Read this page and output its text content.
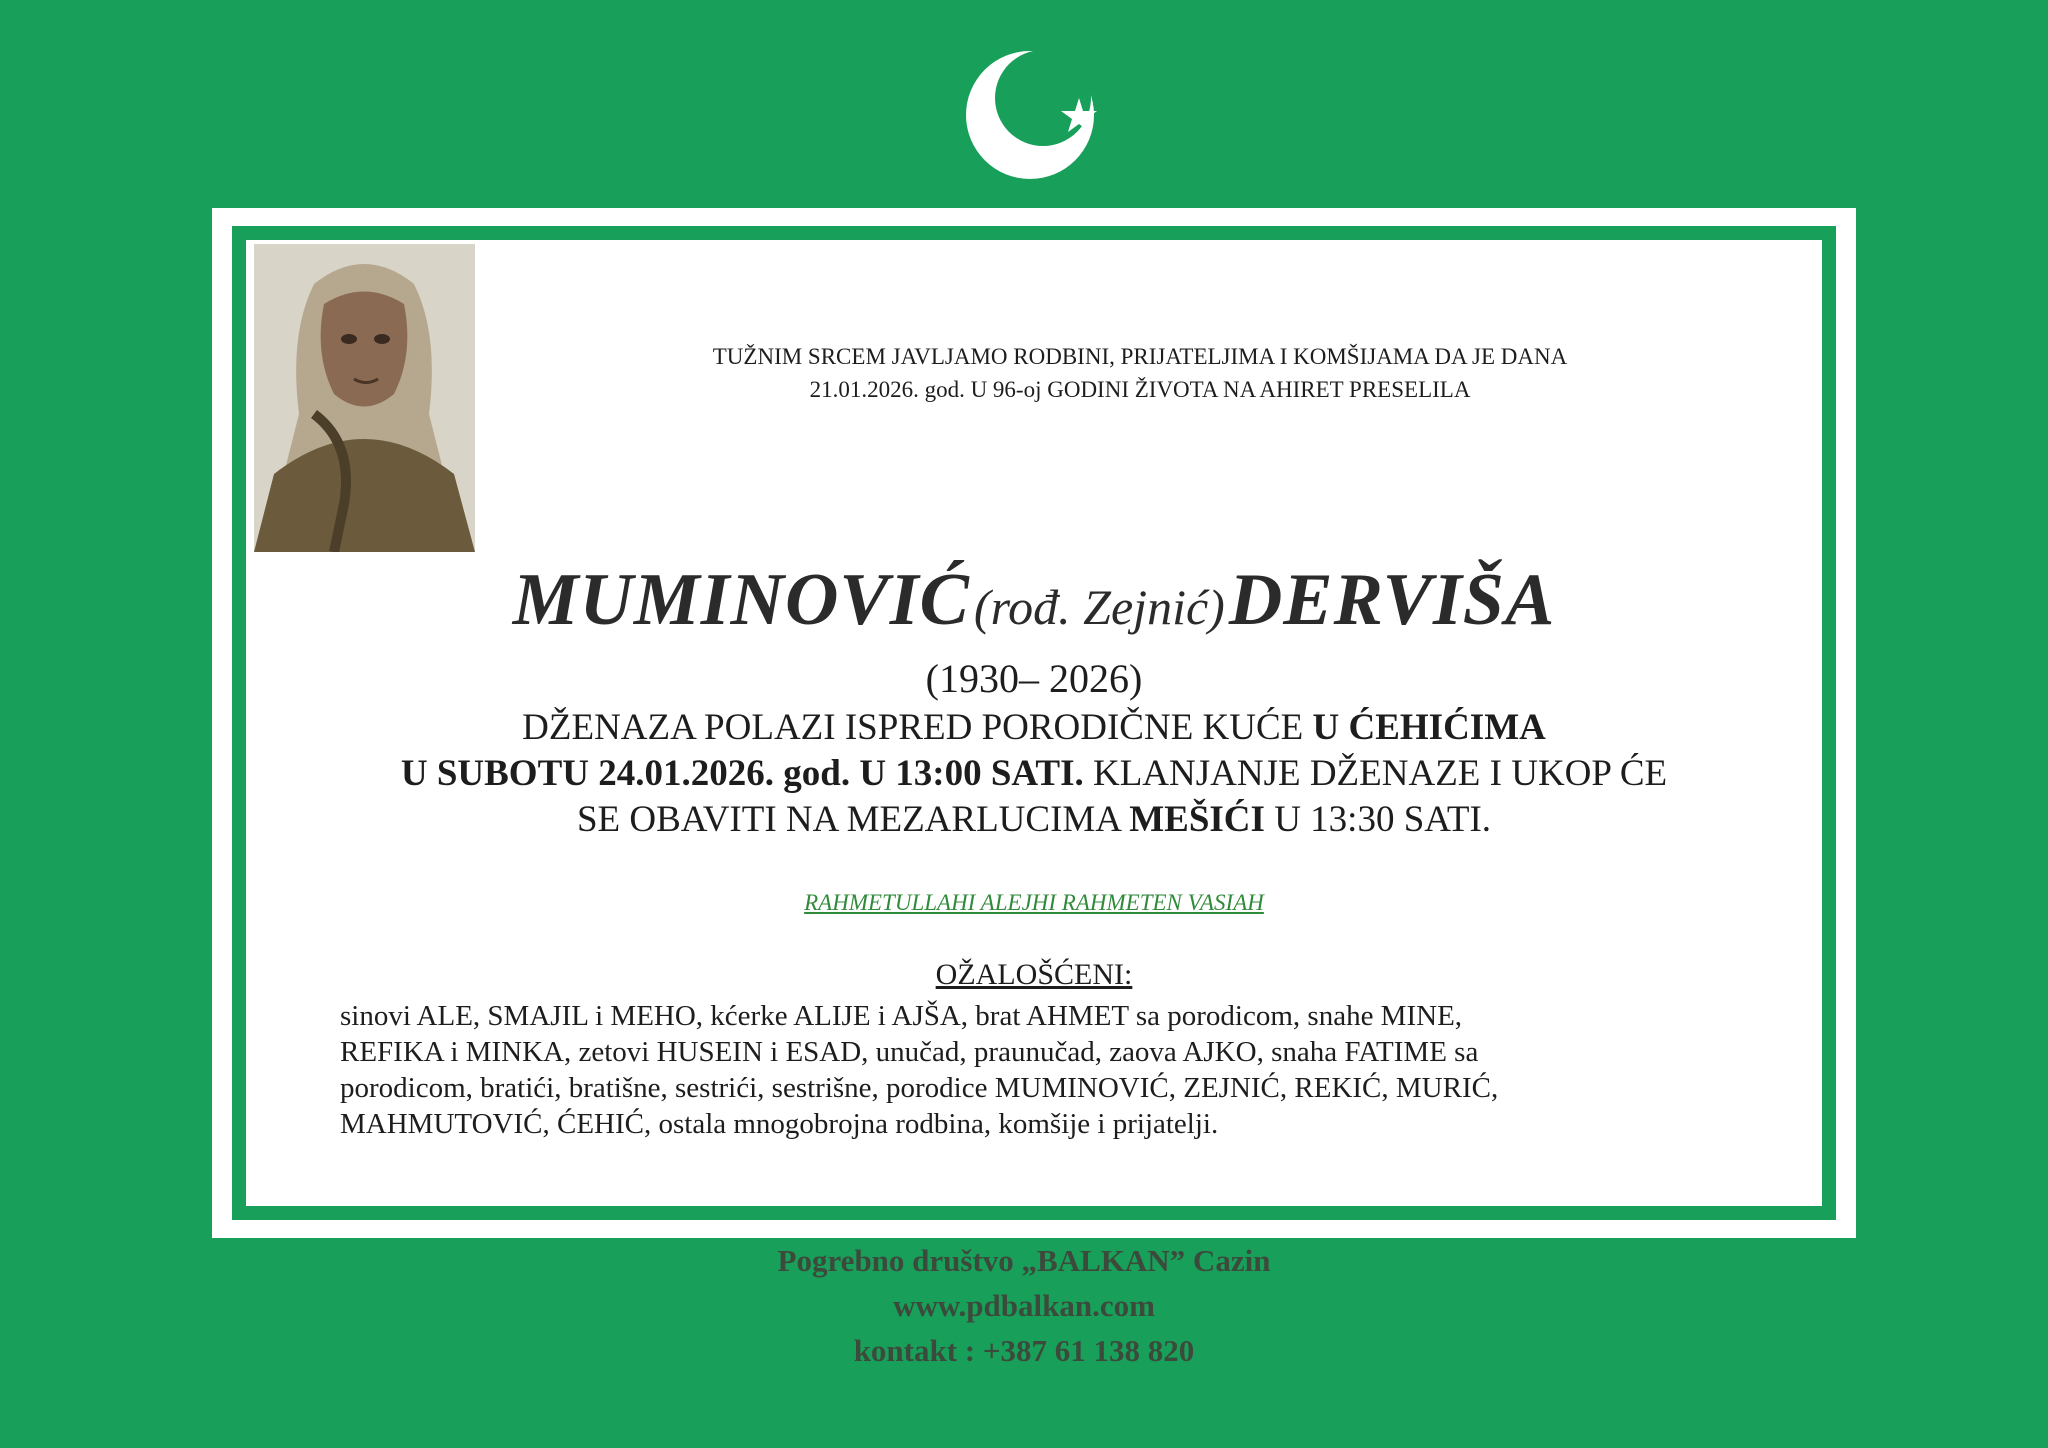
TUŽNIM SRCEM JAVLJAMO RODBINI, PRIJATELJIMA I KOMŠIJAMA DA JE DANA
21.01.2026. god. U 96-oj GODINI ŽIVOTA NA AHIRET PRESELILA
MUMINOVIĆ (rođ. Zejnić) DERVIŠA
(1930– 2026)
DŽENAZA POLAZI ISPRED PORODIČNE KUĆE U ĆEHIĆIMA
U SUBOTU 24.01.2026. god. U 13:00 SATI. KLANJANJE DŽENAZE I UKOP ĆE
SE OBAVITI NA MEZARLUCIMA MEŠIĆI U 13:30 SATI.
RAHMETULLAHI ALEJHI RAHMETEN VASIAH
OŽALOŠĆENI:
sinovi ALE, SMAJIL i MEHO, kćerke ALIJE i AJŠA, brat AHMET sa porodicom, snahe MINE,
REFIKA i MINKA, zetovi HUSEIN i ESAD, unučad, praunučad, zaova AJKO, snaha FATIME sa
porodicom, bratići, bratišne, sestrići, sestrišne, porodice MUMINOVIĆ, ZEJNIĆ, REKIĆ, MURIĆ,
MAHMUTOVIĆ, ĆEHIĆ, ostala mnogobrojna rodbina, komšije i prijatelji.
Pogrebno društvo „BALKAN” Cazin
www.pdbalkan.com
kontakt : +387 61 138 820
